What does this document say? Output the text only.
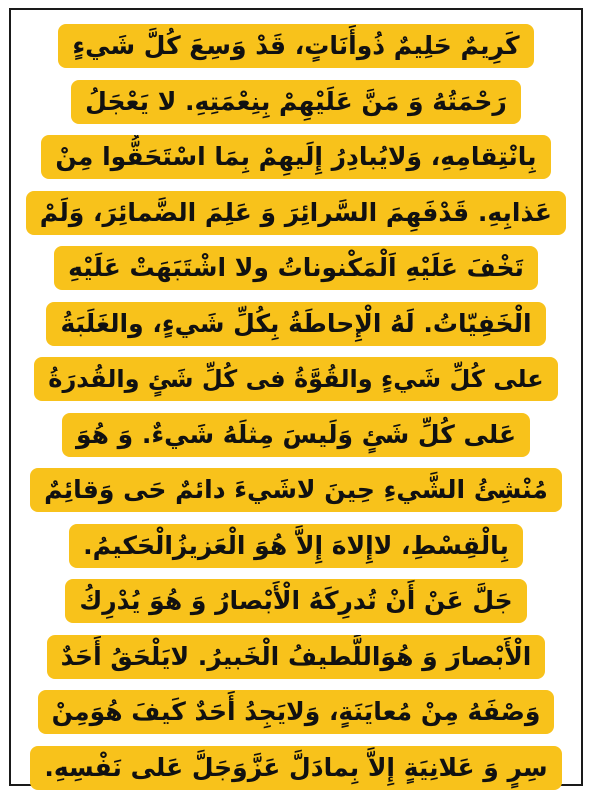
كَرِيمٌ حَلِيمٌ ذُوأَنَاتٍ، قَدْ وَسِعَ كُلَّ شَيءٍ
رَحْمَتُهُ وَ مَنَّ عَلَيْهِمْ بِنِعْمَتِهِ. لا يَعْجَلُ
بِانْتِقامِهِ، وَلايُبادِرُ إِلَيهِمْ بِمَا اسْتَحَقُّوا مِنْ
عَذابِهِ. قَدْفَهِمَ السَّرائِرَ وَ عَلِمَ الضَّمائِرَ، وَلَمْ
تَخْفَ عَلَيْهِ اَلْمَكْنوناتُ ولا اشْتَبَهَتْ عَلَيْهِ
الْخَفِيّاتُ. لَهُ الْإِحاطَةُ بِكُلِّ شَيءٍ، والغَلَبَةُ
على كُلِّ شَيءٍ والقُوَّةُ فى كُلِّ شَئٍ والقُدرَةُ
عَلى كُلِّ شَئٍ وَلَيسَ مِثلَهُ شَيءٌ. وَ هُوَ
مُنْشِئُ الشَّيءِ حِينَ لاشَيءَ دائمٌ حَى وَقائِمٌ
بِالْقِسْطِ، لاإِلاهَ إِلاَّ هُوَ الْعَزيزُالْحَكيمُ.
جَلَّ عَنْ أَنْ تُدرِكَهُ الْأَبْصارُ وَ هُوَ يُدْرِكُ
الْأَبْصارَ وَ هُوَاللَّطيفُ الْخَبيرُ. لايَلْحَقُ أَحَدٌ
وَصْفَهُ مِنْ مُعايَنَةٍ، وَلايَجِدُ أَحَدٌ كَيفَ هُوَمِنْ
سِرٍ وَ عَلانِيَةٍ إِلاَّ بِمادَلَّ عَزَّوَجَلَّ عَلى نَفْسِهِ.
